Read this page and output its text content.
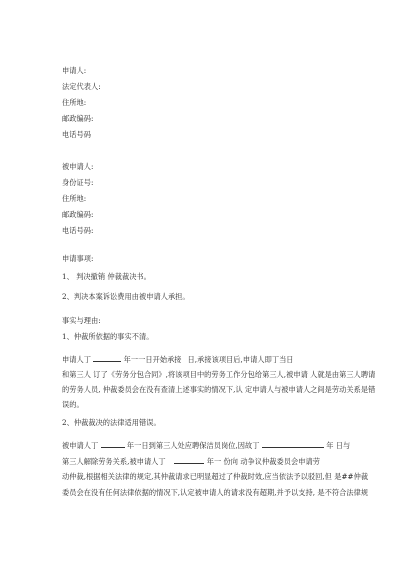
申请人:
法定代表人:
住所地:
邮政编码:
电话号码
被申请人:
身份证号:
住所地:
邮政编码:
电话号码:
申请事项:
1、 判决撤销 仲裁裁决书。
2、判决本案诉讼费用由被申请人承担。
事实与理由:
1、仲裁所依据的事实不清。
申请人丁	年一一日开始承接 日,承接该项目后,申请人即丁当日
和第三人 订了《劳务分包合同》,将该项目中的劳务工作分包给第三人,被申请 人就是由第三人聘请
的劳务人员, 仲裁委员会在没有查清上述事实的情况下,认 定申请人与被申请人之间是劳动关系是错
误的。
2、仲裁裁决的法律适用错误。
被申请人丁	年一日到第三人处应聘保洁员岗位,因故丁	年 日与
第三人解除劳务关系,被申请人丁	年一 份向 动争议仲裁委员会申请劳
动仲裁,根据相关法律的规定,其仲裁请求已明显超过了仲裁时效,应当依法予以驳回,但 是##仲裁
委员会在没有任何法律依据的情况下,认定被申请人的请求没有超期,并予以支持, 是不符合法律规
